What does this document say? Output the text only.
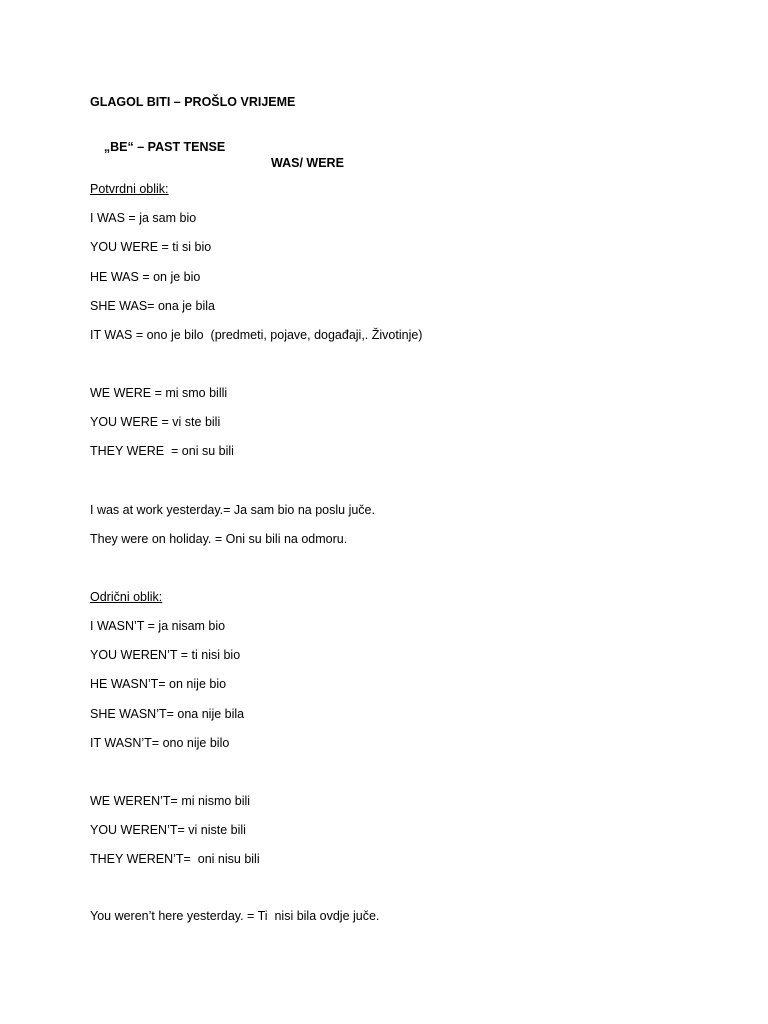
GLAGOL BITI – PROŠLO VRIJEME

„BE“ – PAST TENSE

WAS/ WERE

Potvrdni oblik:
I WAS = ja sam bio
YOU WERE = ti si bio
HE WAS = on je bio
SHE WAS= ona je bila
IT WAS = ono je bilo  (predmeti, pojave, događaji,. Životinje)
WE WERE = mi smo billi
YOU WERE = vi ste bili
THEY WERE  = oni su bili
I was at work yesterday.= Ja sam bio na poslu juče.
They were on holiday. = Oni su bili na odmoru.
Odrični oblik:
I WASN’T = ja nisam bio
YOU WEREN’T = ti nisi bio
HE WASN’T= on nije bio
SHE WASN’T= ona nije bila
IT WASN’T= ono nije bilo
WE WEREN’T= mi nismo bili
YOU WEREN’T= vi niste bili
THEY WEREN’T=  oni nisu bili
You weren’t here yesterday. = Ti  nisi bila ovdje juče.
